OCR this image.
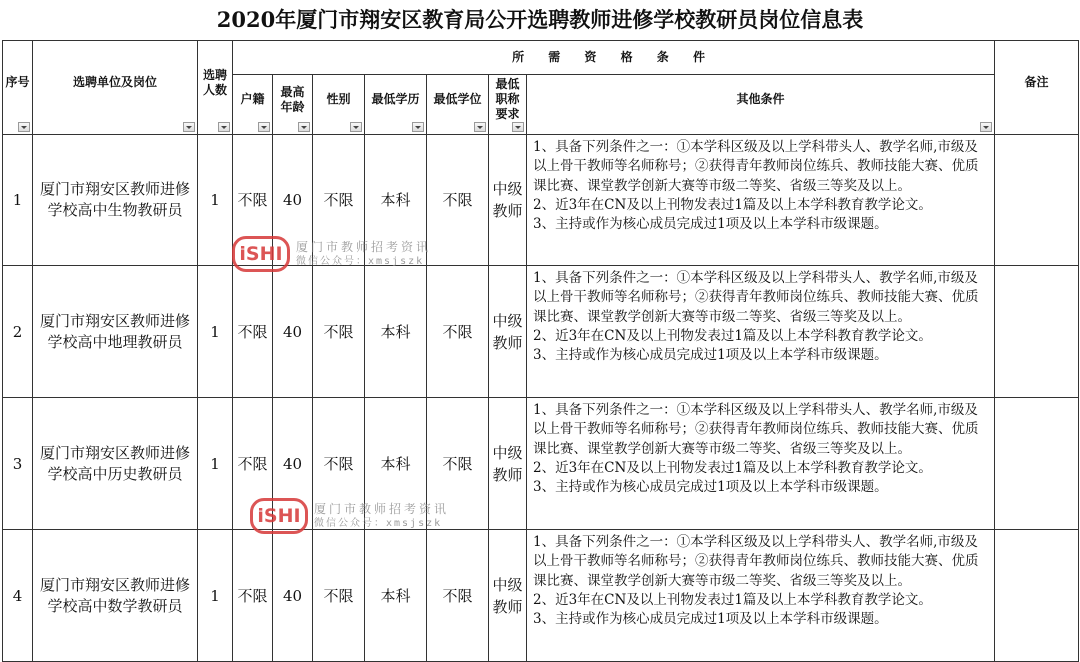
2020年厦门市翔安区教育局公开选聘教师进修学校教研员岗位信息表
序号	选聘单位及岗位	选聘人数	所 需 资 格 条 件							备注

			户籍	最高年龄	性别	最低学历	最低学位	最低职称要求	其他条件	

1	厦门市翔安区教师进修学校高中生物教研员	1	不限	40	不限	本科	不限	中级教师	1、具备下列条件之一：①本学科区级及以上学科带头人、教学名师,市级及以上骨干教师等名师称号；②获得青年教师岗位练兵、教师技能大赛、优质课比赛、课堂教学创新大赛等市级二等奖、省级三等奖及以上。
2、近3年在CN及以上刊物发表过1篇及以上本学科教育教学论文。
3、主持或作为核心成员完成过1项及以上本学科市级课题。	

2	厦门市翔安区教师进修学校高中地理教研员	1	不限	40	不限	本科	不限	中级教师	1、具备下列条件之一：①本学科区级及以上学科带头人、教学名师,市级及以上骨干教师等名师称号；②获得青年教师岗位练兵、教师技能大赛、优质课比赛、课堂教学创新大赛等市级二等奖、省级三等奖及以上。
2、近3年在CN及以上刊物发表过1篇及以上本学科教育教学论文。
3、主持或作为核心成员完成过1项及以上本学科市级课题。	

3	厦门市翔安区教师进修学校高中历史教研员	1	不限	40	不限	本科	不限	中级教师	1、具备下列条件之一：①本学科区级及以上学科带头人、教学名师,市级及以上骨干教师等名师称号；②获得青年教师岗位练兵、教师技能大赛、优质课比赛、课堂教学创新大赛等市级二等奖、省级三等奖及以上。
2、近3年在CN及以上刊物发表过1篇及以上本学科教育教学论文。
3、主持或作为核心成员完成过1项及以上本学科市级课题。	

4	厦门市翔安区教师进修学校高中数学教研员	1	不限	40	不限	本科	不限	中级教师	1、具备下列条件之一：①本学科区级及以上学科带头人、教学名师,市级及以上骨干教师等名师称号；②获得青年教师岗位练兵、教师技能大赛、优质课比赛、课堂教学创新大赛等市级二等奖、省级三等奖及以上。
2、近3年在CN及以上刊物发表过1篇及以上本学科教育教学论文。
3、主持或作为核心成员完成过1项及以上本学科市级课题。	

iSHI	厦门市教师招考资讯
微信公众号：xmsjszk
iSHI	厦门市教师招考资讯
微信公众号：xmsjszk
